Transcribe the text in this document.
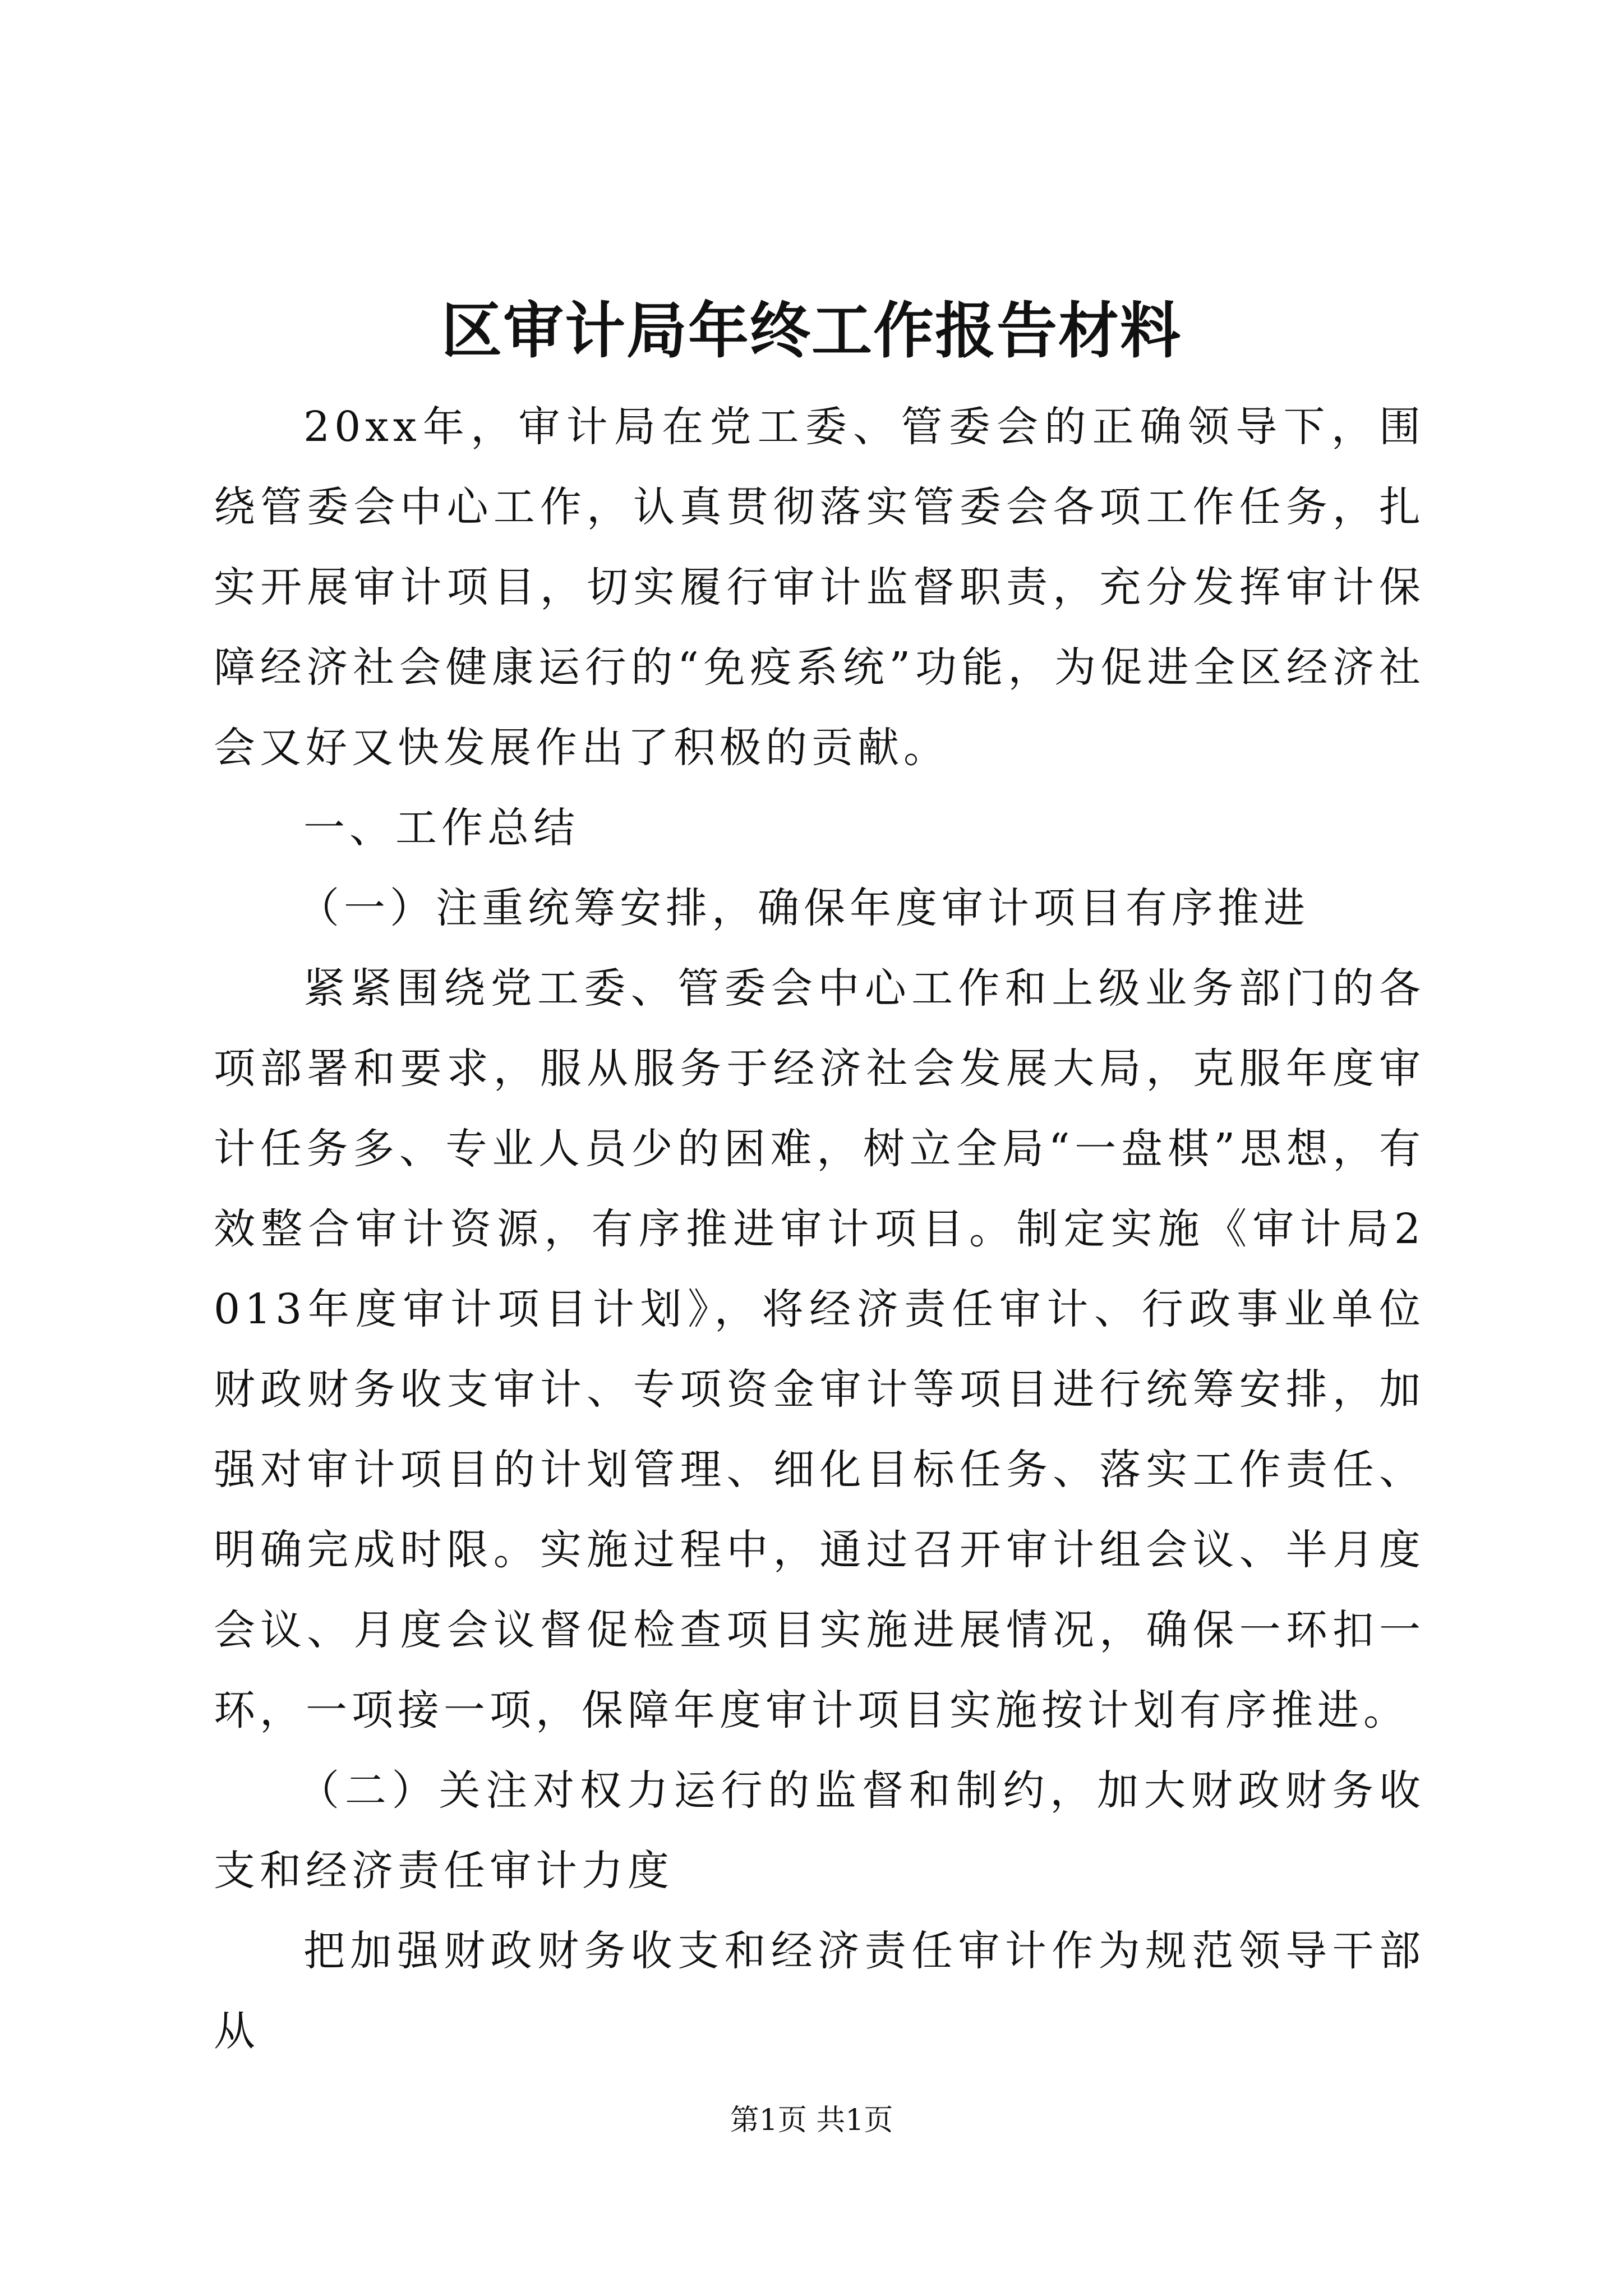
区审计局年终工作报告材料

20xx年，审计局在党工委、管委会的正确领导下，围绕管委会中心工作，认真贯彻落实管委会各项工作任务，扎实开展审计项目，切实履行审计监督职责，充分发挥审计保障经济社会健康运行的“免疫系统”功能，为促进全区经济社会又好又快发展作出了积极的贡献。

一、工作总结

（一）注重统筹安排，确保年度审计项目有序推进

紧紧围绕党工委、管委会中心工作和上级业务部门的各项部署和要求，服从服务于经济社会发展大局，克服年度审计任务多、专业人员少的困难，树立全局“一盘棋”思想，有效整合审计资源，有序推进审计项目。制定实施《审计局2013年度审计项目计划》，将经济责任审计、行政事业单位财政财务收支审计、专项资金审计等项目进行统筹安排，加强对审计项目的计划管理、细化目标任务、落实工作责任、明确完成时限。实施过程中，通过召开审计组会议、半月度会议、月度会议督促检查项目实施进展情况，确保一环扣一环，一项接一项，保障年度审计项目实施按计划有序推进。

（二）关注对权力运行的监督和制约，加大财政财务收支和经济责任审计力度

把加强财政财务收支和经济责任审计作为规范领导干部从

第1页 共1页
